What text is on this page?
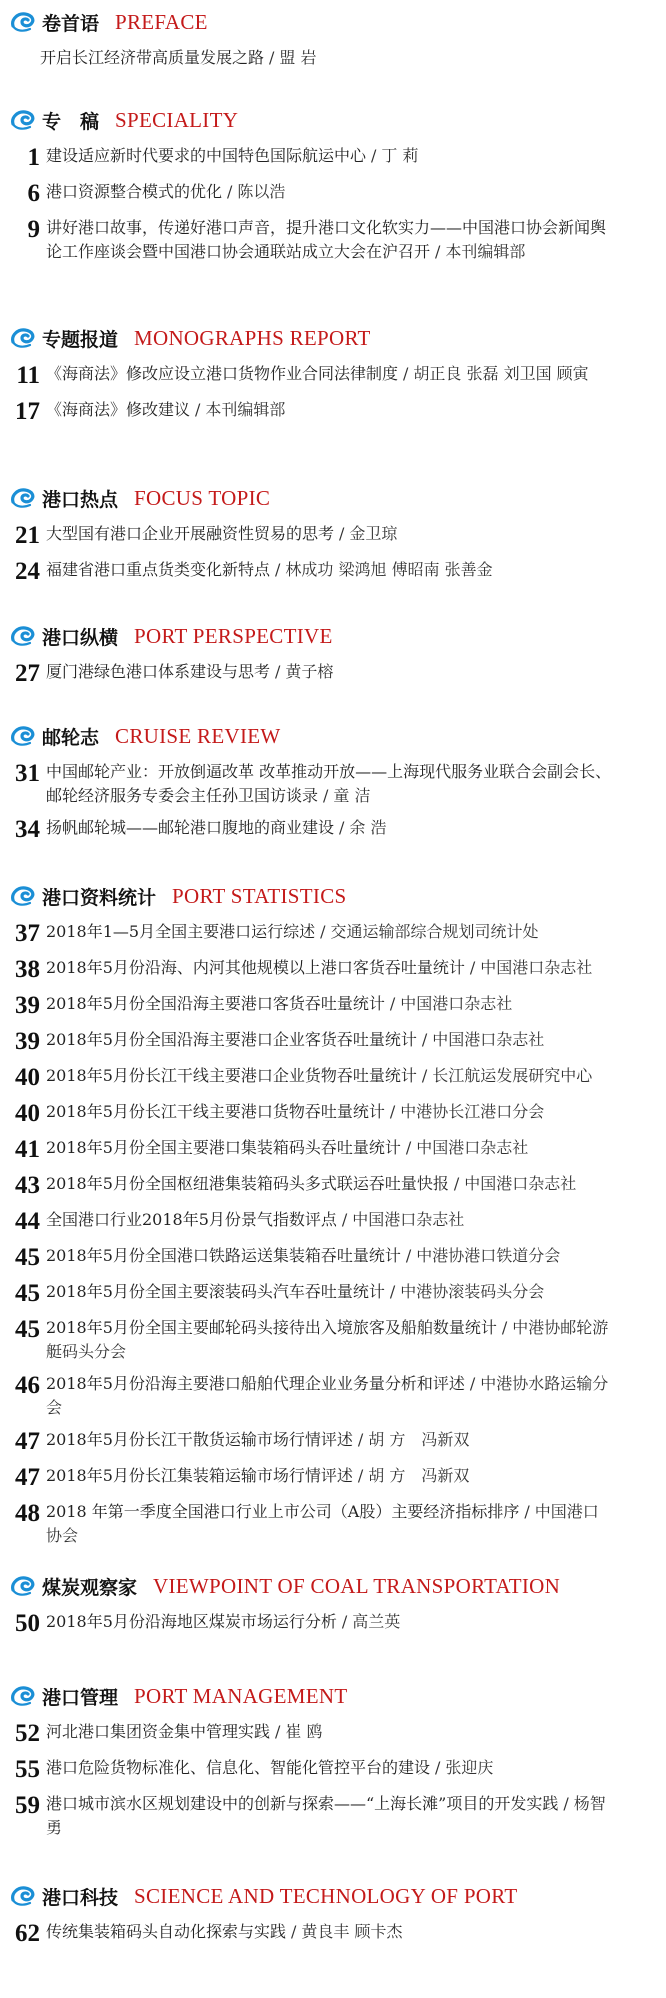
卷首语 PREFACE
开启长江经济带高质量发展之路 / 盟 岩
专　稿 SPECIALITY
1 建设适应新时代要求的中国特色国际航运中心 / 丁 莉
6 港口资源整合模式的优化 / 陈以浩
9 讲好港口故事，传递好港口声音，提升港口文化软实力——中国港口协会新闻舆论工作座谈会暨中国港口协会通联站成立大会在沪召开 / 本刊编辑部
专题报道 MONOGRAPHS REPORT
11 《海商法》修改应设立港口货物作业合同法律制度 / 胡正良 张磊 刘卫国 顾寅
17 《海商法》修改建议 / 本刊编辑部
港口热点 FOCUS TOPIC
21 大型国有港口企业开展融资性贸易的思考 / 金卫琼
24 福建省港口重点货类变化新特点 / 林成功 梁鸿旭 傅昭南 张善金
港口纵横 PORT PERSPECTIVE
27 厦门港绿色港口体系建设与思考 / 黄子榕
邮轮志 CRUISE REVIEW
31 中国邮轮产业：开放倒逼改革 改革推动开放——上海现代服务业联合会副会长、邮轮经济服务专委会主任孙卫国访谈录 / 童 洁
34 扬帆邮轮城——邮轮港口腹地的商业建设 / 余 浩
港口资料统计 PORT STATISTICS
37 2018年1—5月全国主要港口运行综述 / 交通运输部综合规划司统计处
38 2018年5月份沿海、内河其他规模以上港口客货吞吐量统计 / 中国港口杂志社
39 2018年5月份全国沿海主要港口客货吞吐量统计 / 中国港口杂志社
39 2018年5月份全国沿海主要港口企业客货吞吐量统计 / 中国港口杂志社
40 2018年5月份长江干线主要港口企业货物吞吐量统计 / 长江航运发展研究中心
40 2018年5月份长江干线主要港口货物吞吐量统计 / 中港协长江港口分会
41 2018年5月份全国主要港口集装箱码头吞吐量统计 / 中国港口杂志社
43 2018年5月份全国枢纽港集装箱码头多式联运吞吐量快报 / 中国港口杂志社
44 全国港口行业2018年5月份景气指数评点 / 中国港口杂志社
45 2018年5月份全国港口铁路运送集装箱吞吐量统计 / 中港协港口铁道分会
45 2018年5月份全国主要滚装码头汽车吞吐量统计 / 中港协滚装码头分会
45 2018年5月份全国主要邮轮码头接待出入境旅客及船舶数量统计 / 中港协邮轮游艇码头分会
46 2018年5月份沿海主要港口船舶代理企业业务量分析和评述 / 中港协水路运输分会
47 2018年5月份长江干散货运输市场行情评述 / 胡 方　冯新双
47 2018年5月份长江集装箱运输市场行情评述 / 胡 方　冯新双
48 2018 年第一季度全国港口行业上市公司（A股）主要经济指标排序 / 中国港口协会
煤炭观察家 VIEWPOINT OF COAL TRANSPORTATION
50 2018年5月份沿海地区煤炭市场运行分析 / 高兰英
港口管理 PORT MANAGEMENT
52 河北港口集团资金集中管理实践 / 崔 鸥
55 港口危险货物标准化、信息化、智能化管控平台的建设 / 张迎庆
59 港口城市滨水区规划建设中的创新与探索——“上海长滩”项目的开发实践 / 杨智勇
港口科技 SCIENCE AND TECHNOLOGY OF PORT
62 传统集装箱码头自动化探索与实践 / 黄良丰 顾卡杰
